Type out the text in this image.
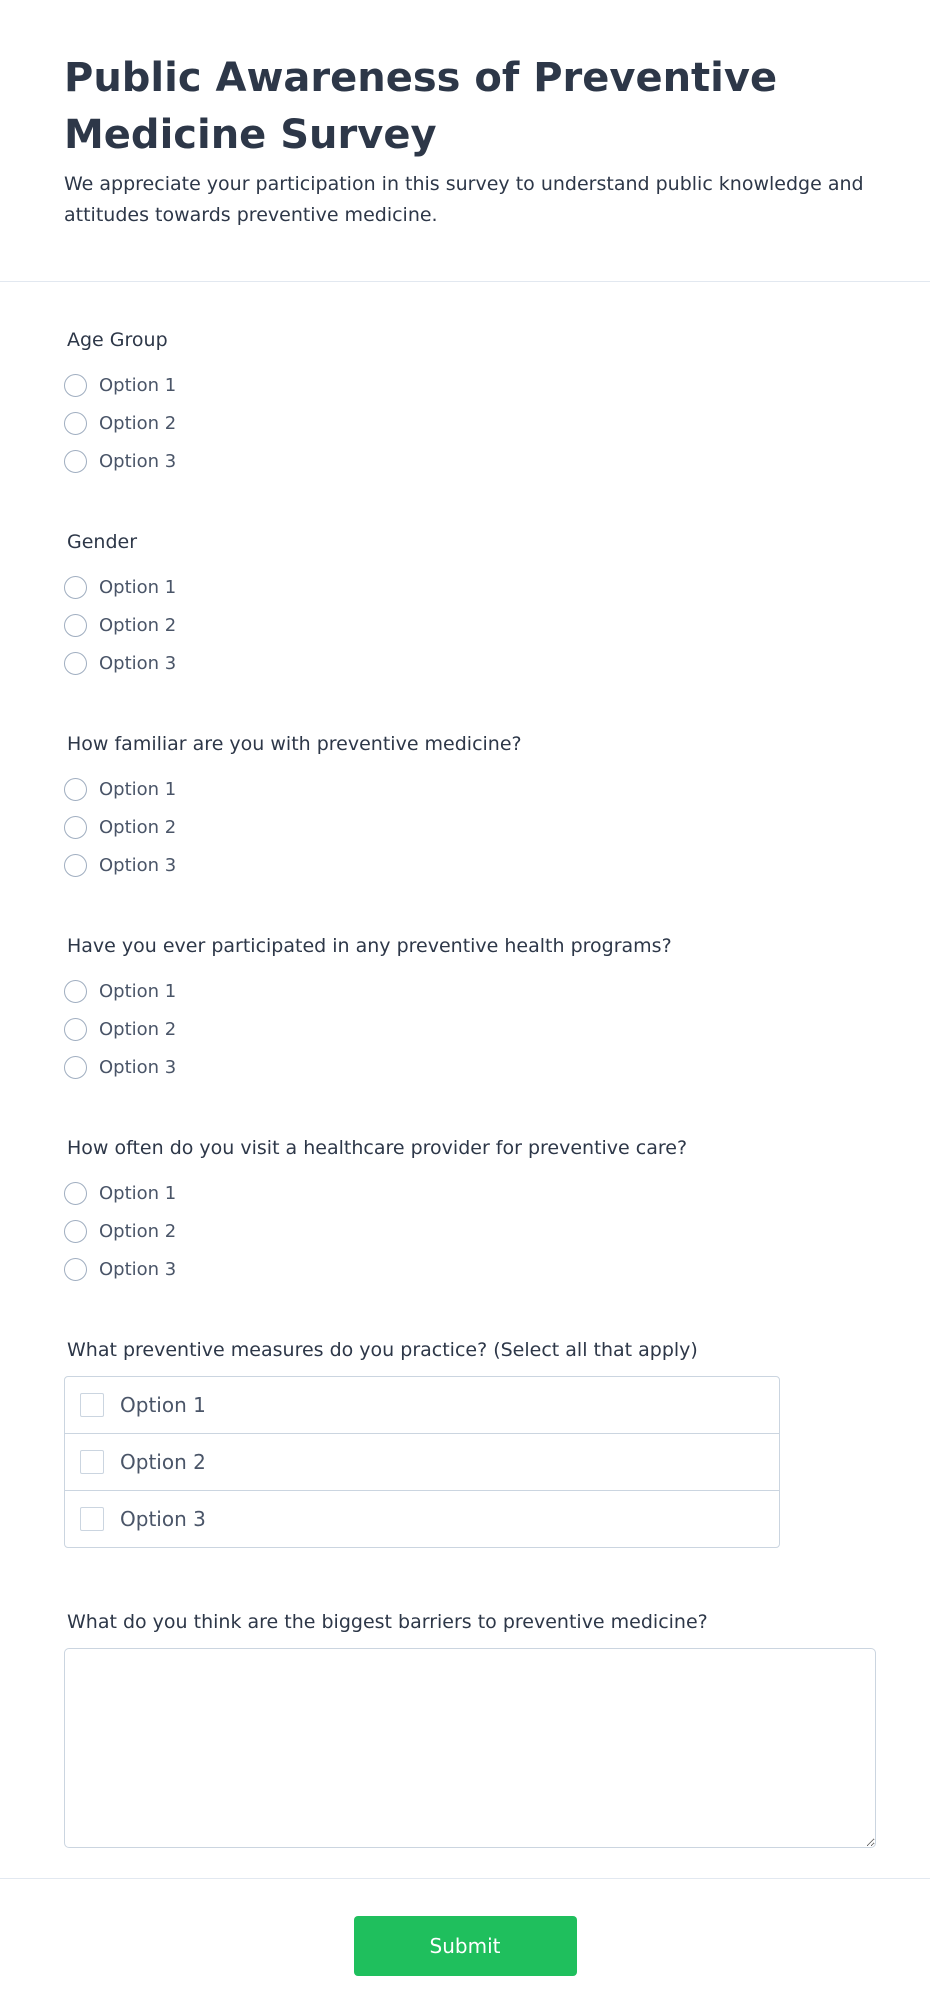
Public Awareness of Preventive Medicine Survey

We appreciate your participation in this survey to understand public knowledge and attitudes towards preventive medicine.

Age Group
Option 1
Option 2
Option 3
Gender
Option 1
Option 2
Option 3
How familiar are you with preventive medicine?
Option 1
Option 2
Option 3
Have you ever participated in any preventive health programs?
Option 1
Option 2
Option 3
How often do you visit a healthcare provider for preventive care?
Option 1
Option 2
Option 3
What preventive measures do you practice? (Select all that apply)
Option 1
Option 2
Option 3
What do you think are the biggest barriers to preventive medicine?
Submit
